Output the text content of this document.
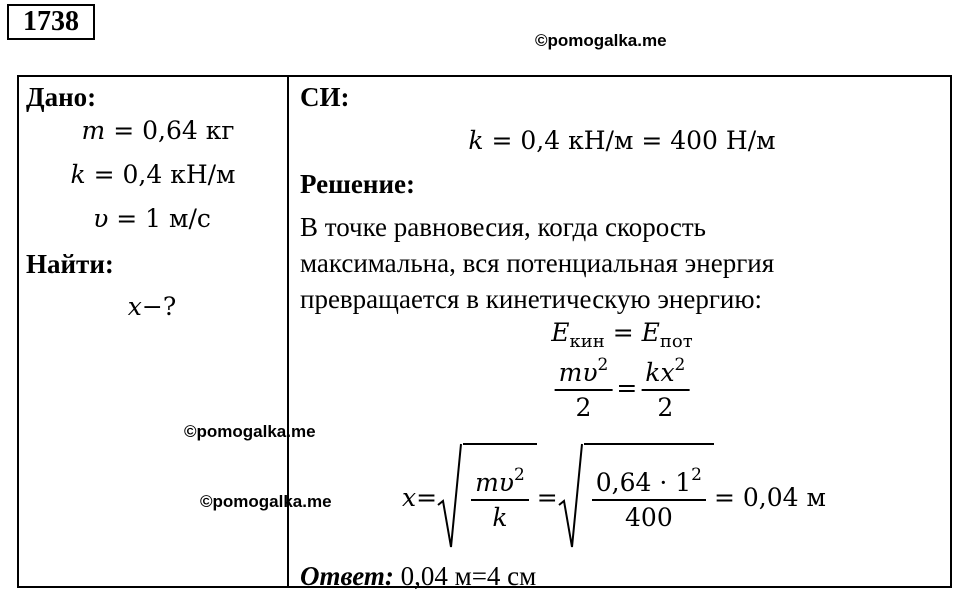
1738
©pomogalka.me
Дано:
m = 0,64 кг
k = 0,4 кН/м
υ = 1 м/с
Найти:
x−?
СИ:
k = 0,4 кН/м = 400 Н/м
Решение:
В точке равновесия, когда скорость
максимальна, вся потенциальная энергия
превращается в кинетическую энергию:
$E_{кин} = E_{пот}$
$\frac{m\upsilon^2}{2} = \frac{kx^2}{2}$
©pomogalka.me
©pomogalka.me	$x = \frac{m\upsilon^2}{k} = \frac{0,64 \cdot 1^2}{400} = 0,04$ м
Ответ: 0,04 м=4 см
